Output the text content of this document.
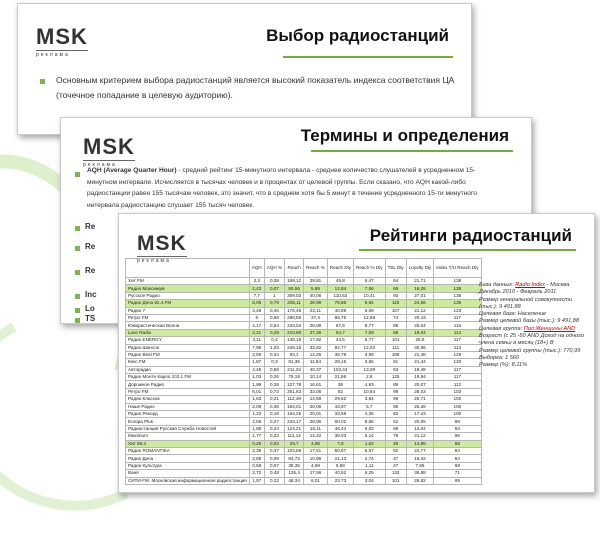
MSK
реклама
Выбор радиостанций
Основным критерием выбора радиостанций является высокий показатель индекса соответствия ЦА
(точечное попадание в целевую аудиторию).
MSK
реклама
Термины и определения
AQH (Average Quarter Hour) - средний рейтинг 15-минутного интервала - среднее количество слушателей в усредненном 15-
минутном интервале. Исчисляется в тысячах человек и в процентах от целевой группы. Если сказано, что AQH какой-либо
радиостанции равен 155 тысячам человек, это значит, что в среднем хотя бы 5 минут в течение усредненного 15-ти минутного
интервала радиостанцию слушает 155 тысяч человек.
Re
Re
Re
Inc
Lo
TS
MSK
реклама
Рейтинги радиостанций
	AQH	AQH %	Reach	Reach %	Reach Dly	Reach % Dly	TSL Dly	Loyalty Dly	Index T/U Reach Dly
Хит FM	2,3	0,38	169,12	29,81	45,8	6,47	64	21,71	138
Радио Максимум	2,43	0,07	80,56	5,89	12,84	7,56	69	16,25	136
Русское Радио	7,7	1	309,03	40,06	110,53	10,41	93	27,01	136
Радио Дача 92.4 FM	8,06	0,79	206,11	26,99	76,86	9,94	115	24,56	135
Радио 7	3,48	0,46	176,46	22,11	40,89	6,06	107	21,12	123
Ретро FM	6	0,66	288,59	37,4	86,75	12,58	74	20,43	117
Юмористическая Волна	4,17	0,54	223,04	28,99	67,6	8,77	89	26,04	118
Love Radio	2,21	0,29	210,86	27,36	54,7	7,09	68	18,04	114
Радио ENERGY	3,11	0,4	138,19	17,92	44,5	5,77	101	28,5	117
Радио Шансон	7,98	1,03	249,16	33,62	92,77	12,03	111	30,86	113
Радио Best FM	2,59	0,34	93,1	12,26	30,79	3,99	108	21,48	126
Кекс FM	1,87	0,3	91,35	11,84	28,15	3,65	81	21,44	120
Авторадио	4,45	0,58	211,24	40,37	103,44	13,29	63	18,48	117
Радио Монте Карло 102.1 FM	1,03	0,26	79,18	10,14	21,86	2,8	125	19,84	117
Дорожное Радио	1,99	0,26	127,78	16,61	38	4,93	89	20,07	112
Ретро FM	6,01	0,73	251,63	33,06	82	10,64	99	28,03	103
Радио Классик	1,63	0,21	112,48	14,58	29,62	3,84	99	25,71	102
Наше Радио	2,09	0,36	164,01	20,06	43,97	5,7	98	26,28	100
Радио Рекорд	1,23	0,16	164,25	20,01	33,58	4,35	63	17,43	100
Europa Plus	2,05	0,27	223,17	28,96	60,02	8,56	52	20,05	99
Радиостанция Русская Служба Новостей	1,88	0,24	124,21	16,11	46,44	6,02	68	14,04	93
Maximum	1,77	0,23	111,14	14,42	38,03	5,14	79	21,12	96
Хит 96.4	0,25	0,03	29,7	3,85	7,9	1,02	46	14,95	88
Радио ROMANTIKA	2,38	0,37	103,58	17,51	50,67	6,57	82	24,77	84
Радио Дача	2,68	0,09	84,72	10,99	21,13	2,74	47	16,42	84
Радио Культура	0,58	0,07	38,35	4,68	9,58	1,11	27	7,56	69
Ваня	3,72	0,48	135,4	17,56	40,52	6,25	132	36,88	71
СИТИ-FM. Московская информационная радиостанция	1,57	0,22	48,34	6,01	23,73	3,04	101	26,82	69
База данных: Radio Index - Москва. Декабрь 2010 - Февраль 2011
Размер генеральной совокупности (тыс.): 9 491,88
Целевая база: Население
Размер целевой базы (тыс.): 9 491,88
Целевая группа: Пол:Женщины AND Возраст (с 25 -50 AND Доход на одного члена семьи в месяц (18+) В
Размер целевой группы (тыс.): 770,99
Выборка: 1 560
Размер (%): 8,11%
